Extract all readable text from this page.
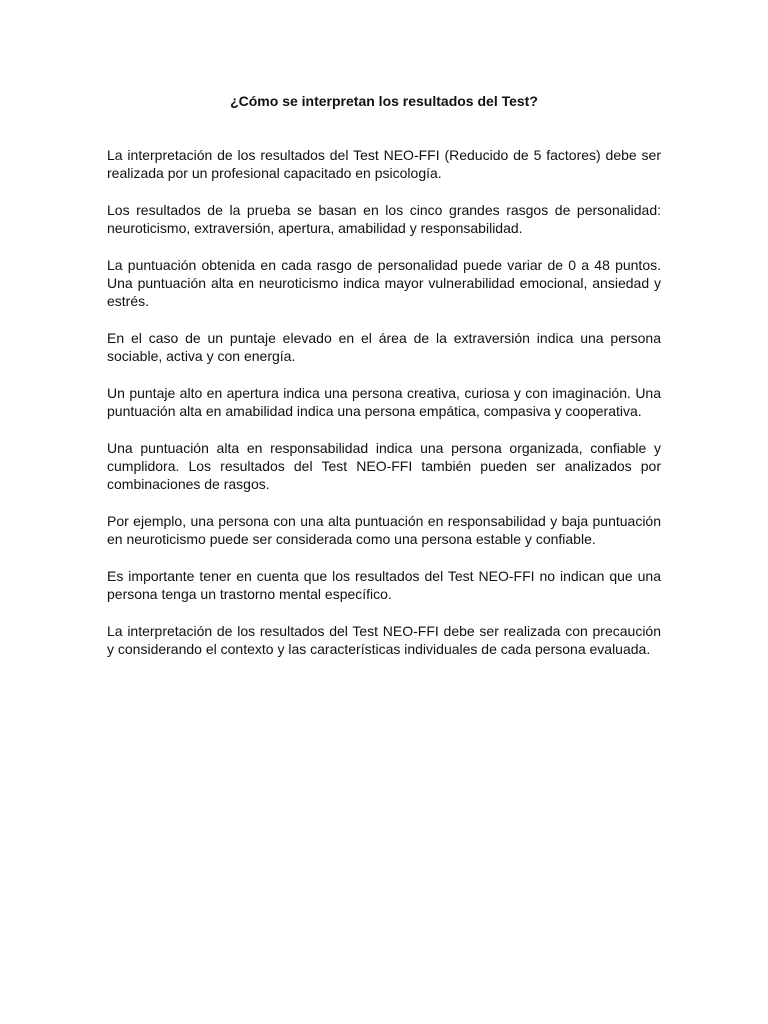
¿Cómo se interpretan los resultados del Test?

La interpretación de los resultados del Test NEO-FFI (Reducido de 5 factores) debe ser realizada por un profesional capacitado en psicología.

Los resultados de la prueba se basan en los cinco grandes rasgos de personalidad: neuroticismo, extraversión, apertura, amabilidad y responsabilidad.

La puntuación obtenida en cada rasgo de personalidad puede variar de 0 a 48 puntos. Una puntuación alta en neuroticismo indica mayor vulnerabilidad emocional, ansiedad y estrés.

En el caso de un puntaje elevado en el área de la extraversión indica una persona sociable, activa y con energía.

Un puntaje alto en apertura indica una persona creativa, curiosa y con imaginación. Una puntuación alta en amabilidad indica una persona empática, compasiva y cooperativa.

Una puntuación alta en responsabilidad indica una persona organizada, confiable y cumplidora. Los resultados del Test NEO-FFI también pueden ser analizados por combinaciones de rasgos.

Por ejemplo, una persona con una alta puntuación en responsabilidad y baja puntuación en neuroticismo puede ser considerada como una persona estable y confiable.

Es importante tener en cuenta que los resultados del Test NEO-FFI no indican que una persona tenga un trastorno mental específico.

La interpretación de los resultados del Test NEO-FFI debe ser realizada con precaución y considerando el contexto y las características individuales de cada persona evaluada.
